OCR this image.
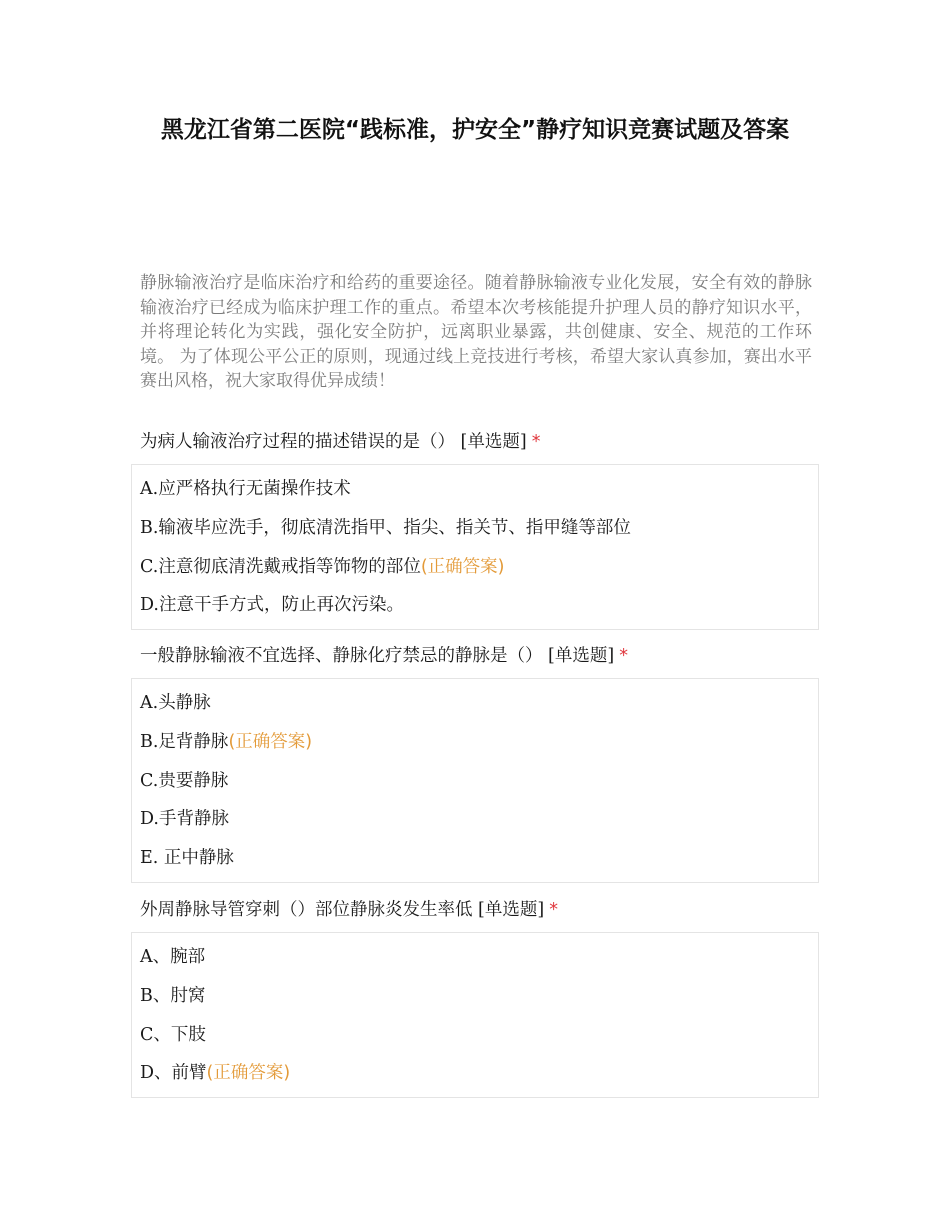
黑龙江省第二医院“践标准，护安全”静疗知识竞赛试题及答案

静脉输液治疗是临床治疗和给药的重要途径。随着静脉输液专业化发展，安全有效的静脉输液治疗已经成为临床护理工作的重点。希望本次考核能提升护理人员的静疗知识水平，并将理论转化为实践，强化安全防护，远离职业暴露，共创健康、安全、规范的工作环境。 为了体现公平公正的原则，现通过线上竞技进行考核，希望大家认真参加，赛出水平赛出风格，祝大家取得优异成绩！

为病人输液治疗过程的描述错误的是（） [单选题] *
A.应严格执行无菌操作技术
B.输液毕应洗手，彻底清洗指甲、指尖、指关节、指甲缝等部位
C.注意彻底清洗戴戒指等饰物的部位(正确答案)
D.注意干手方式，防止再次污染。
一般静脉输液不宜选择、静脉化疗禁忌的静脉是（） [单选题] *
A.头静脉
B.足背静脉(正确答案)
C.贵要静脉
D.手背静脉
E. 正中静脉
外周静脉导管穿刺（）部位静脉炎发生率低 [单选题] *
A、腕部
B、肘窝
C、下肢
D、前臂(正确答案)
